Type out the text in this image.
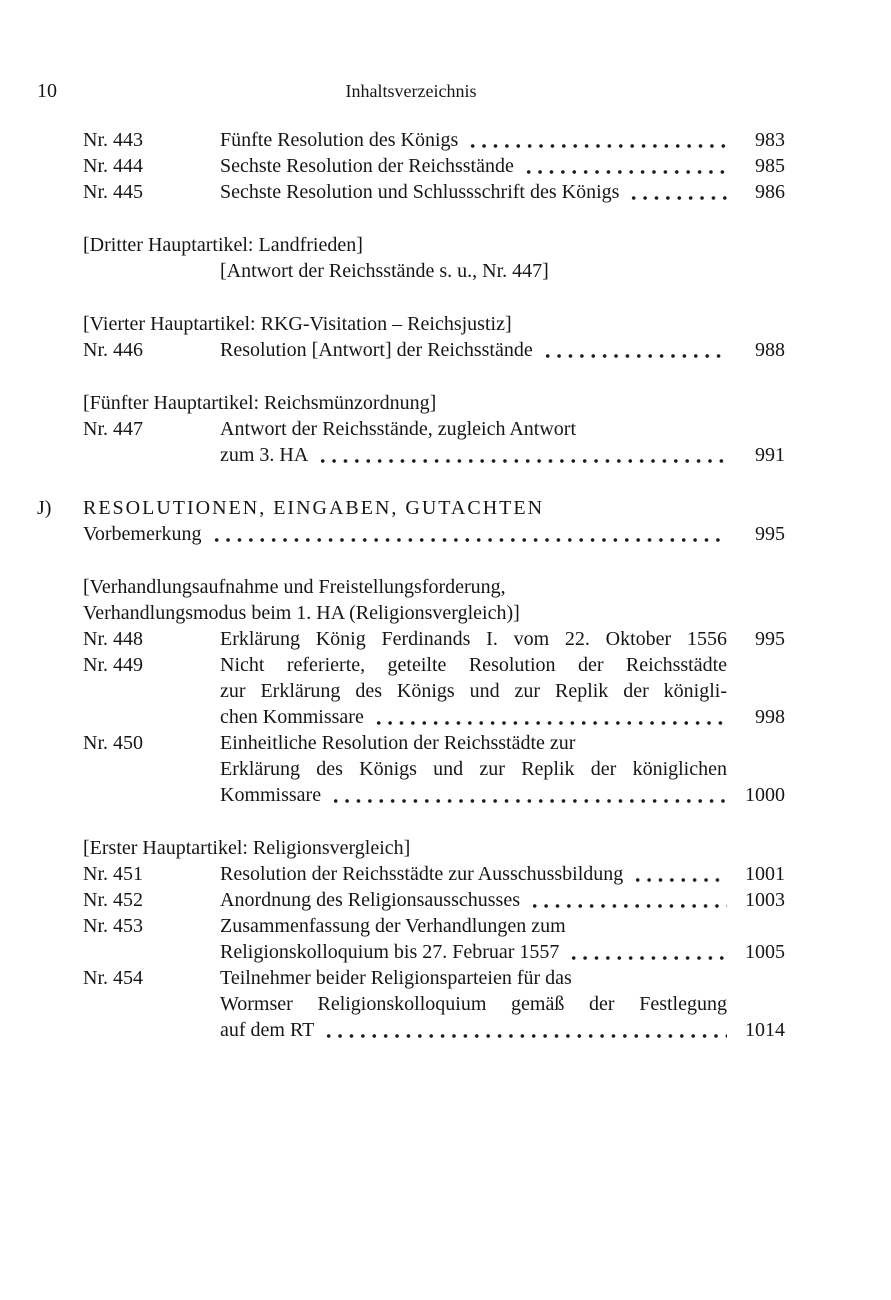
10	Inhaltsverzeichnis
Nr. 443	Fünfte Resolution des Königs	983
Nr. 444	Sechste Resolution der Reichsstände	985
Nr. 445	Sechste Resolution und Schlussschrift des Königs	986
[Dritter Hauptartikel: Landfrieden]
[Antwort der Reichsstände s. u., Nr. 447]
[Vierter Hauptartikel: RKG-Visitation – Reichsjustiz]
Nr. 446	Resolution [Antwort] der Reichsstände	988
[Fünfter Hauptartikel: Reichsmünzordnung]
Nr. 447	Antwort der Reichsstände, zugleich Antwort
zum 3. HA	991
J)	RESOLUTIONEN, EINGABEN, GUTACHTEN
Vorbemerkung	995
[Verhandlungsaufnahme und Freistellungsforderung,
Verhandlungsmodus beim 1. HA (Religionsvergleich)]
Nr. 448	Erklärung König Ferdinands I. vom 22. Oktober 1556	995
Nr. 449	Nicht referierte, geteilte Resolution der Reichsstädte
zur Erklärung des Königs und zur Replik der königli-
chen Kommissare	998
Nr. 450	Einheitliche Resolution der Reichsstädte zur
Erklärung des Königs und zur Replik der königlichen
Kommissare	1000
[Erster Hauptartikel: Religionsvergleich]
Nr. 451	Resolution der Reichsstädte zur Ausschussbildung	1001
Nr. 452	Anordnung des Religionsausschusses	1003
Nr. 453	Zusammenfassung der Verhandlungen zum
Religionskolloquium bis 27. Februar 1557	1005
Nr. 454	Teilnehmer beider Religionsparteien für das
Wormser Religionskolloquium gemäß der Festlegung
auf dem RT	1014
